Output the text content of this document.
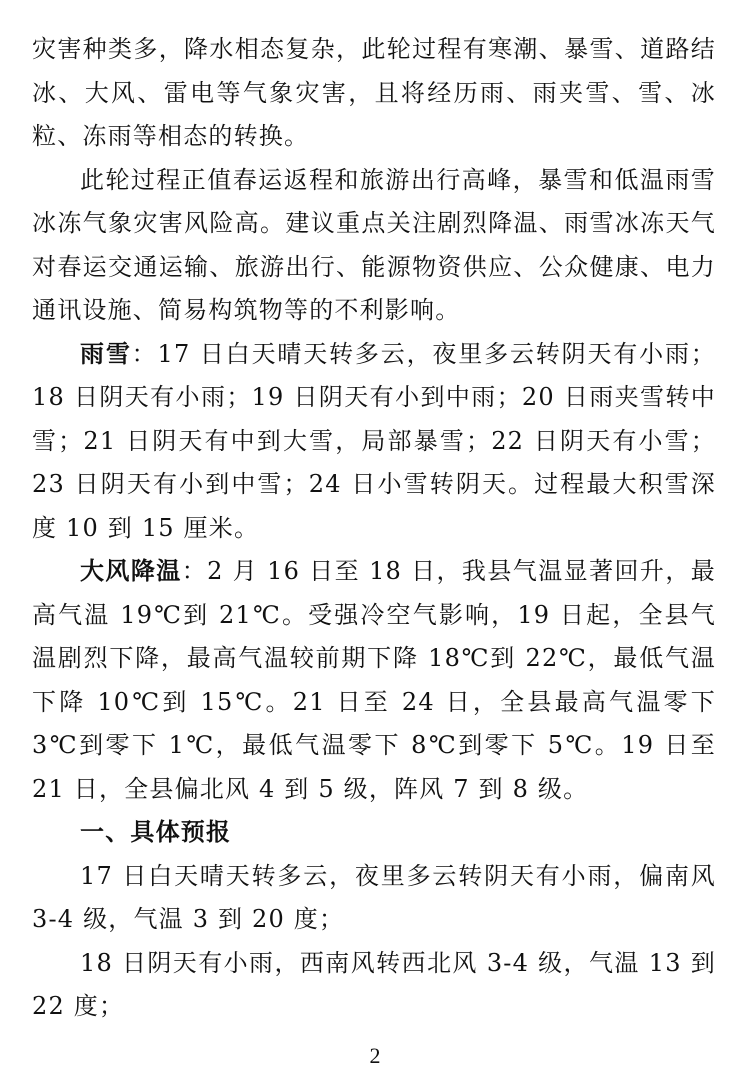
灾害种类多，降水相态复杂，此轮过程有寒潮、暴雪、道路结冰、大风、雷电等气象灾害，且将经历雨、雨夹雪、雪、冰粒、冻雨等相态的转换。

此轮过程正值春运返程和旅游出行高峰，暴雪和低温雨雪冰冻气象灾害风险高。建议重点关注剧烈降温、雨雪冰冻天气对春运交通运输、旅游出行、能源物资供应、公众健康、电力通讯设施、简易构筑物等的不利影响。

雨雪：17 日白天晴天转多云，夜里多云转阴天有小雨；18 日阴天有小雨；19 日阴天有小到中雨；20 日雨夹雪转中雪；21 日阴天有中到大雪，局部暴雪；22 日阴天有小雪；23 日阴天有小到中雪；24 日小雪转阴天。过程最大积雪深度 10 到 15 厘米。

大风降温：2 月 16 日至 18 日，我县气温显著回升，最高气温 19℃到 21℃。受强冷空气影响，19 日起，全县气温剧烈下降，最高气温较前期下降 18℃到 22℃，最低气温下降 10℃到 15℃。21 日至 24 日，全县最高气温零下 3℃到零下 1℃，最低气温零下 8℃到零下 5℃。19 日至 21 日，全县偏北风 4 到 5 级，阵风 7 到 8 级。

一、具体预报

17 日白天晴天转多云，夜里多云转阴天有小雨，偏南风 3-4 级，气温 3 到 20 度；

18 日阴天有小雨，西南风转西北风 3-4 级，气温 13 到 22 度；

2
